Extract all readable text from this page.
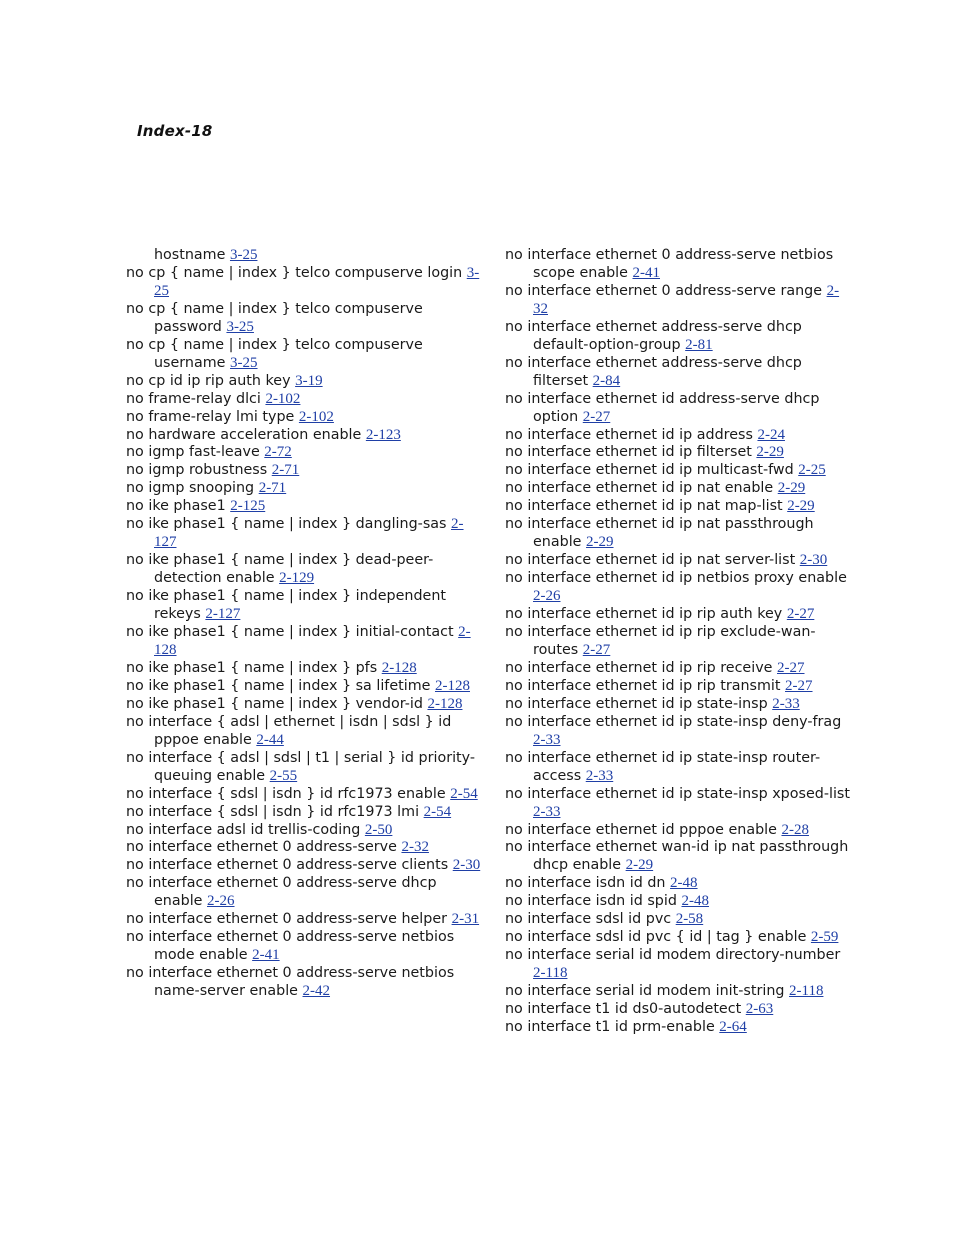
Index-18

hostname 3-25

no cp { name | index } telco compuserve login 3-25

no cp { name | index } telco compuserve password 3-25

no cp { name | index } telco compuserve username 3-25

no cp id ip rip auth key 3-19

no frame-relay dlci 2-102

no frame-relay lmi type 2-102

no hardware acceleration enable 2-123

no igmp fast-leave 2-72

no igmp robustness 2-71

no igmp snooping 2-71

no ike phase1 2-125

no ike phase1 { name | index } dangling-sas 2-127

no ike phase1 { name | index } dead-peer-detection enable 2-129

no ike phase1 { name | index } independent rekeys 2-127

no ike phase1 { name | index } initial-contact 2-128

no ike phase1 { name | index } pfs 2-128

no ike phase1 { name | index } sa lifetime 2-128

no ike phase1 { name | index } vendor-id 2-128

no interface { adsl | ethernet | isdn | sdsl } id pppoe enable 2-44

no interface { adsl | sdsl | t1 | serial } id priority-queuing enable 2-55

no interface { sdsl | isdn } id rfc1973 enable 2-54

no interface { sdsl | isdn } id rfc1973 lmi 2-54

no interface adsl id trellis-coding 2-50

no interface ethernet 0 address-serve 2-32

no interface ethernet 0 address-serve clients 2-30

no interface ethernet 0 address-serve dhcp enable 2-26

no interface ethernet 0 address-serve helper 2-31

no interface ethernet 0 address-serve netbios mode enable 2-41

no interface ethernet 0 address-serve netbios name-server enable 2-42

no interface ethernet 0 address-serve netbios scope enable 2-41

no interface ethernet 0 address-serve range 2-32

no interface ethernet address-serve dhcp default-option-group 2-81

no interface ethernet address-serve dhcp filterset 2-84

no interface ethernet id address-serve dhcp option 2-27

no interface ethernet id ip address 2-24

no interface ethernet id ip filterset 2-29

no interface ethernet id ip multicast-fwd 2-25

no interface ethernet id ip nat enable 2-29

no interface ethernet id ip nat map-list 2-29

no interface ethernet id ip nat passthrough enable 2-29

no interface ethernet id ip nat server-list 2-30

no interface ethernet id ip netbios proxy enable 2-26

no interface ethernet id ip rip auth key 2-27

no interface ethernet id ip rip exclude-wan-routes 2-27

no interface ethernet id ip rip receive 2-27

no interface ethernet id ip rip transmit 2-27

no interface ethernet id ip state-insp 2-33

no interface ethernet id ip state-insp deny-frag 2-33

no interface ethernet id ip state-insp router-access 2-33

no interface ethernet id ip state-insp xposed-list 2-33

no interface ethernet id pppoe enable 2-28

no interface ethernet wan-id ip nat passthrough dhcp enable 2-29

no interface isdn id dn 2-48

no interface isdn id spid 2-48

no interface sdsl id pvc 2-58

no interface sdsl id pvc { id | tag } enable 2-59

no interface serial id modem directory-number 2-118

no interface serial id modem init-string 2-118

no interface t1 id ds0-autodetect 2-63

no interface t1 id prm-enable 2-64
